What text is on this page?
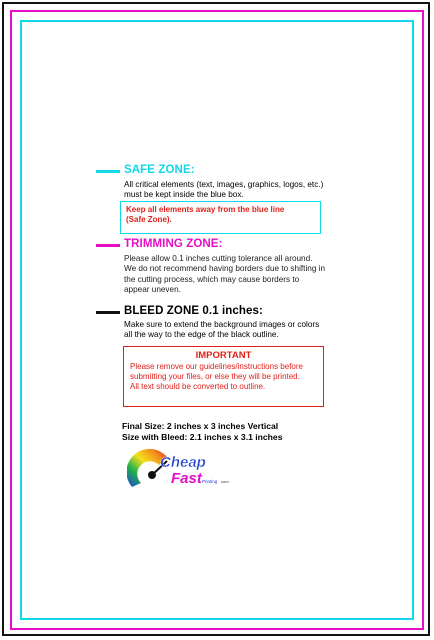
SAFE ZONE:
All critical elements (text, images, graphics, logos, etc.)
must be kept inside the blue box.
Keep all elements away from the blue line
(Safe Zone).
TRIMMING ZONE:
Please allow 0.1 inches cutting tolerance all around.
We do not recommend having borders due to shifting in
the cutting process, which may cause borders to
appear uneven.
BLEED ZONE 0.1 inches:
Make sure to extend the background images or colors
all the way to the edge of the black outline.
IMPORTANT
Please remove our guidelines/instructions before
submitting your files, or else they will be printed.
All text should be converted to outline.
Final Size: 2 inches x 3 inches Vertical
Size with Bleed: 2.1 inches x 3.1 inches
Cheap
Fast Printing .com
